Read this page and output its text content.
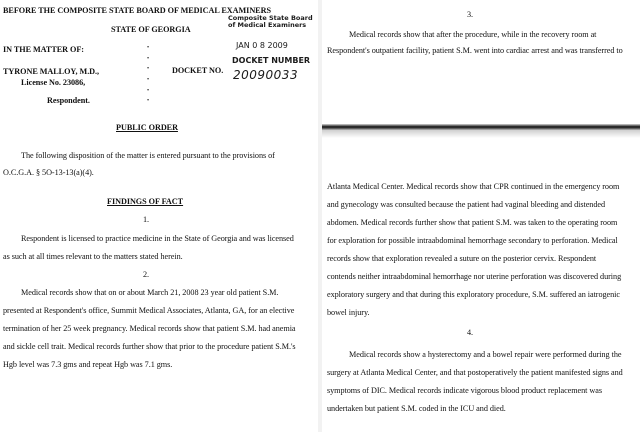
BEFORE THE COMPOSITE STATE BOARD OF MEDICAL EXAMINERS
STATE OF GEORGIA
Composite State Board
of Medical Examiners
JAN 0 8 2009
DOCKET NUMBER
20090033
IN THE MATTER OF:
TYRONE MALLOY, M.D.,
License No. 23086,
Respondent.
DOCKET NO.
•
•
•
•
•
•
PUBLIC ORDER
The following disposition of the matter is entered pursuant to the provisions of
O.C.G.A. § 5O-13-13(a)(4).
FINDINGS OF FACT
1.
Respondent is licensed to practice medicine in the State of Georgia and was licensed
as such at all times relevant to the matters stated herein.
2.
Medical records show that on or about March 21, 2008 23 year old patient S.M.
presented at Respondent's office, Summit Medical Associates, Atlanta, GA, for an elective
termination of her 25 week pregnancy. Medical records show that patient S.M. had anemia
and sickle cell trait. Medical records further show that prior to the procedure patient S.M.'s
Hgb level was 7.3 gms and repeat Hgb was 7.1 gms.
3.
Medical records show that after the procedure, while in the recovery room at
Respondent's outpatient facility, patient S.M. went into cardiac arrest and was transferred to
Atlanta Medical Center. Medical records show that CPR continued in the emergency room
and gynecology was consulted because the patient had vaginal bleeding and distended
abdomen. Medical records further show that patient S.M. was taken to the operating room
for exploration for possible intraabdominal hemorrhage secondary to perforation. Medical
records show that exploration revealed a suture on the posterior cervix. Respondent
contends neither intraabdominal hemorrhage nor uterine perforation was discovered during
exploratory surgery and that during this exploratory procedure, S.M. suffered an iatrogenic
bowel injury.
4.
Medical records show a hysterectomy and a bowel repair were performed during the
surgery at Atlanta Medical Center, and that postoperatively the patient manifested signs and
symptoms of DIC. Medical records indicate vigorous blood product replacement was
undertaken but patient S.M. coded in the ICU and died.
